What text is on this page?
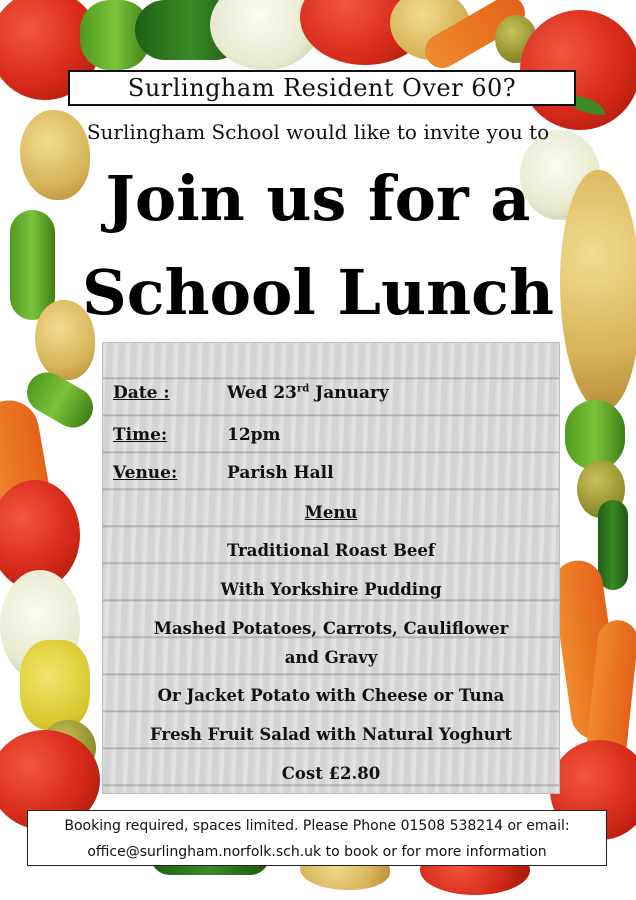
Surlingham Resident Over 60?
Surlingham School would like to invite you to
Join us for a
School Lunch
Date :	Wed 23rd January
Time:	12pm
Venue:	Parish Hall
Menu
Traditional Roast Beef
With Yorkshire Pudding
Mashed Potatoes, Carrots, Cauliflower
and Gravy
Or Jacket Potato with Cheese or Tuna
Fresh Fruit Salad with Natural Yoghurt
Cost £2.80
Booking required, spaces limited. Please Phone 01508 538214 or email:
office@surlingham.norfolk.sch.uk to book or for more information
